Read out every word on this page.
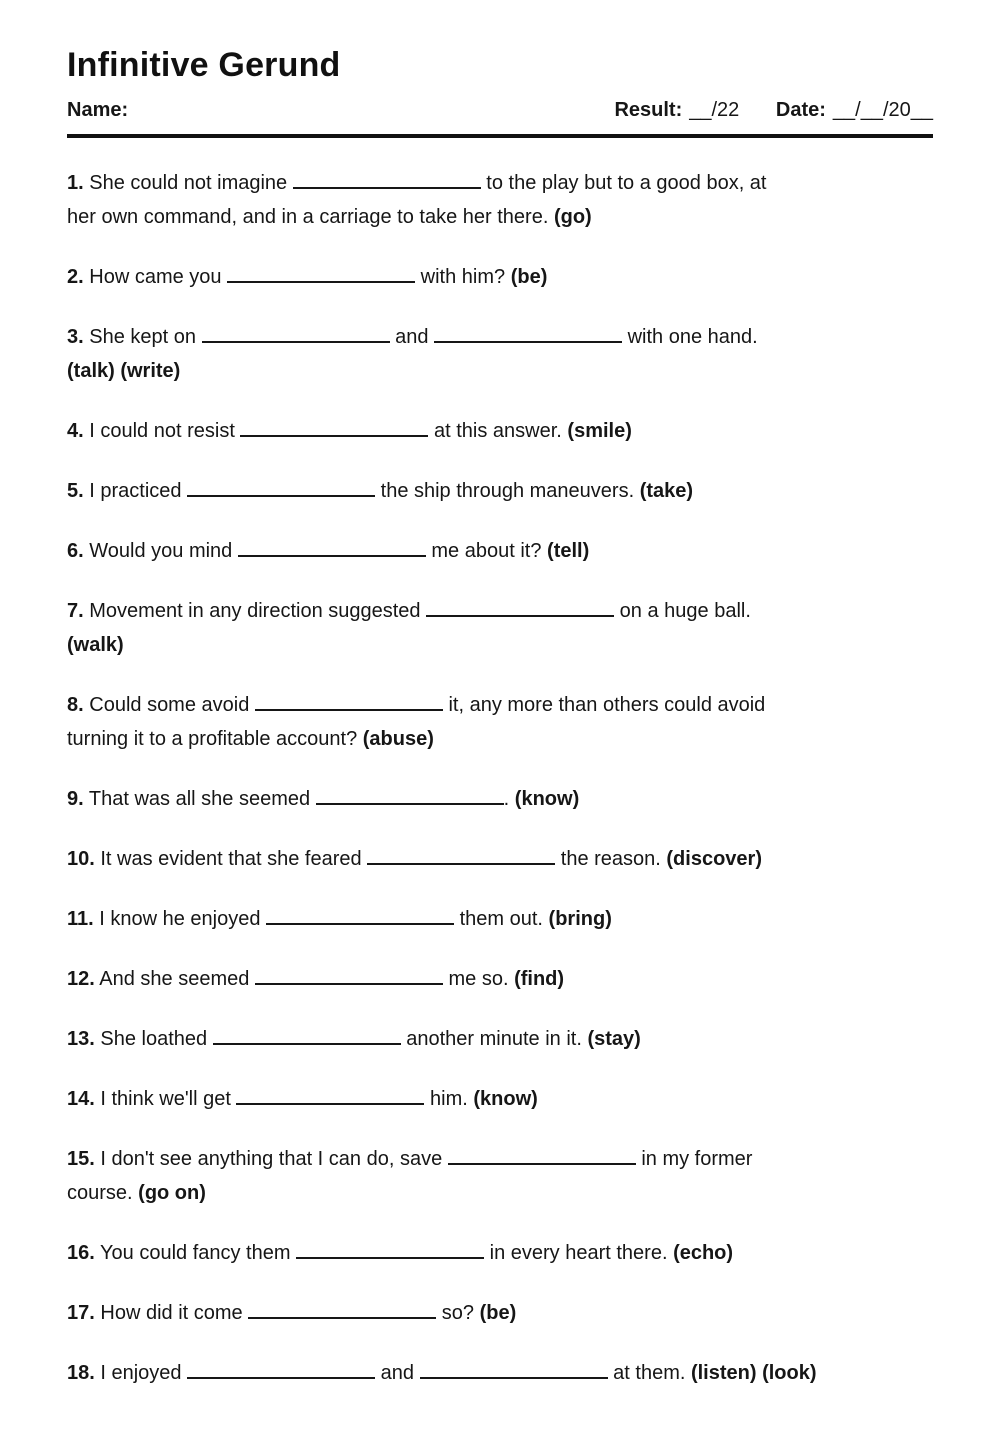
Infinitive Gerund
Name:	Result: __/22 Date: __/__/20__

1. She could not imagine	to the play but to a good box, at
her own command, and in a carriage to take her there. (go)

2. How came you	with him? (be)

3. She kept on	and	with one hand.
(talk) (write)

4. I could not resist	at this answer. (smile)

5. I practiced	the ship through maneuvers. (take)

6. Would you mind	me about it? (tell)

7. Movement in any direction suggested	on a huge ball.
(walk)

8. Could some avoid	it, any more than others could avoid
turning it to a profitable account? (abuse)

9. That was all she seemed	. (know)

10. It was evident that she feared	the reason. (discover)

11. I know he enjoyed	them out. (bring)

12. And she seemed	me so. (find)

13. She loathed	another minute in it. (stay)

14. I think we'll get	him. (know)

15. I don't see anything that I can do, save	in my former
course. (go on)

16. You could fancy them	in every heart there. (echo)

17. How did it come	so? (be)

18. I enjoyed	and	at them. (listen) (look)
